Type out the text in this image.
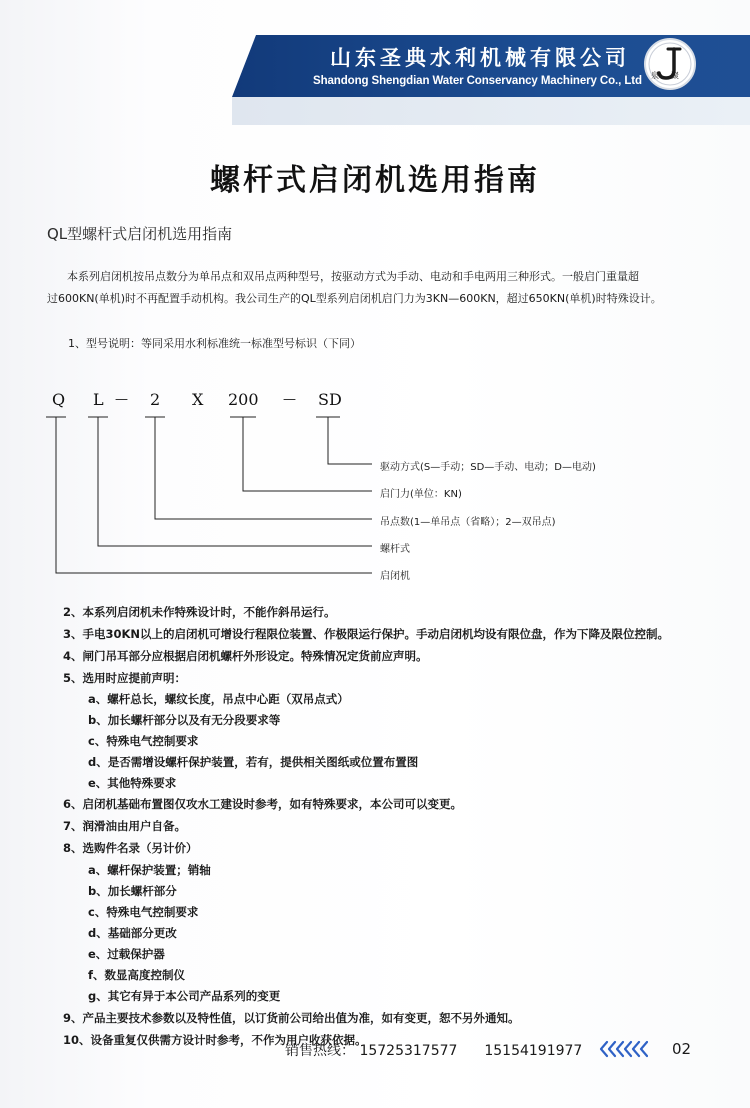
山东圣典水利机械有限公司
Shandong Shengdian Water Conservancy Machinery Co., Ltd 泉聚
螺杆式启闭机选用指南
QL型螺杆式启闭机选用指南

本系列启闭机按吊点数分为单吊点和双吊点两种型号，按驱动方式为手动、电动和手电两用三种形式。一般启门重量超

过600KN(单机)时不再配置手动机构。我公司生产的QL型系列启闭机启门力为3KN—600KN，超过650KN(单机)时特殊设计。

1、型号说明：等同采用水利标准统一标准型号标识（下同）
Q L — 2 X 200 — SD
驱动方式(S—手动；SD—手动、电动；D—电动)
启门力(单位：KN)
吊点数(1—单吊点（省略）；2—双吊点)
螺杆式
启闭机
2、本系列启闭机未作特殊设计时，不能作斜吊运行。
3、手电30KN以上的启闭机可增设行程限位装置、作极限运行保护。手动启闭机均设有限位盘，作为下降及限位控制。
4、闸门吊耳部分应根据启闭机螺杆外形设定。特殊情况定货前应声明。
5、选用时应提前声明：
a、螺杆总长，螺纹长度，吊点中心距（双吊点式）
b、加长螺杆部分以及有无分段要求等
c、特殊电气控制要求
d、是否需增设螺杆保护装置，若有，提供相关图纸或位置布置图
e、其他特殊要求
6、启闭机基础布置图仅攻水工建设时参考，如有特殊要求，本公司可以变更。
7、润滑油由用户自备。
8、选购件名录（另计价）
a、螺杆保护装置；销轴
b、加长螺杆部分
c、特殊电气控制要求
d、基础部分更改
e、过载保护器
f、数显高度控制仪
g、其它有异于本公司产品系列的变更
9、产品主要技术参数以及特性值，以订货前公司给出值为准，如有变更，恕不另外通知。
10、设备重复仅供需方设计时参考，不作为用户收获依据。
销售热线： 15725317577 15154191977	02
